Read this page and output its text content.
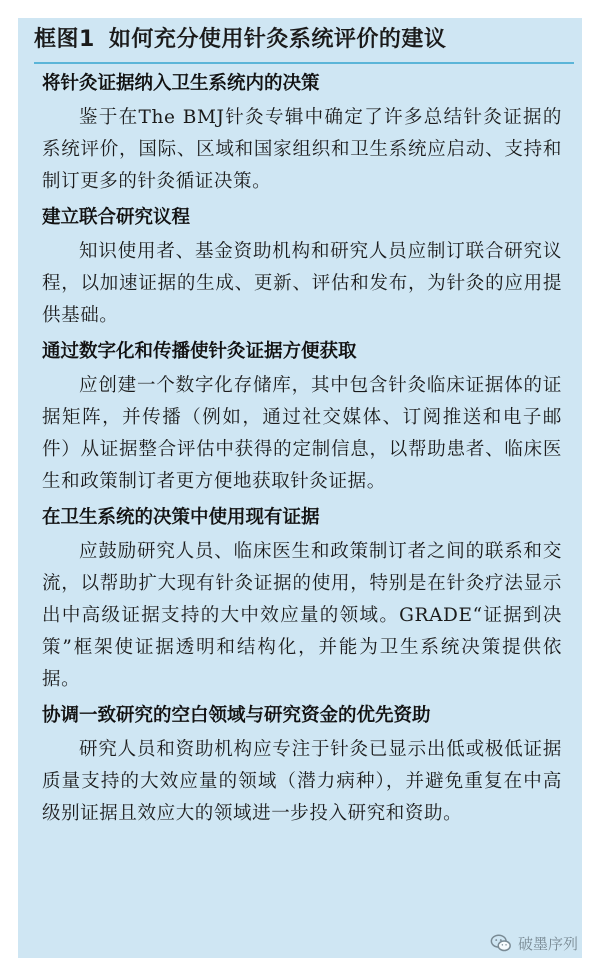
框图1 如何充分使用针灸系统评价的建议

将针灸证据纳入卫生系统内的决策

鉴于在The BMJ针灸专辑中确定了许多总结针灸证据的系统评价，国际、区域和国家组织和卫生系统应启动、支持和制订更多的针灸循证决策。

建立联合研究议程

知识使用者、基金资助机构和研究人员应制订联合研究议程，以加速证据的生成、更新、评估和发布，为针灸的应用提供基础。

通过数字化和传播使针灸证据方便获取

应创建一个数字化存储库，其中包含针灸临床证据体的证据矩阵，并传播（例如，通过社交媒体、订阅推送和电子邮件）从证据整合评估中获得的定制信息，以帮助患者、临床医生和政策制订者更方便地获取针灸证据。

在卫生系统的决策中使用现有证据

应鼓励研究人员、临床医生和政策制订者之间的联系和交流，以帮助扩大现有针灸证据的使用，特别是在针灸疗法显示出中高级证据支持的大中效应量的领域。GRADE“证据到决策”框架使证据透明和结构化，并能为卫生系统决策提供依据。

协调一致研究的空白领域与研究资金的优先资助

研究人员和资助机构应专注于针灸已显示出低或极低证据质量支持的大效应量的领域（潜力病种），并避免重复在中高级别证据且效应大的领域进一步投入研究和资助。

破墨序列
